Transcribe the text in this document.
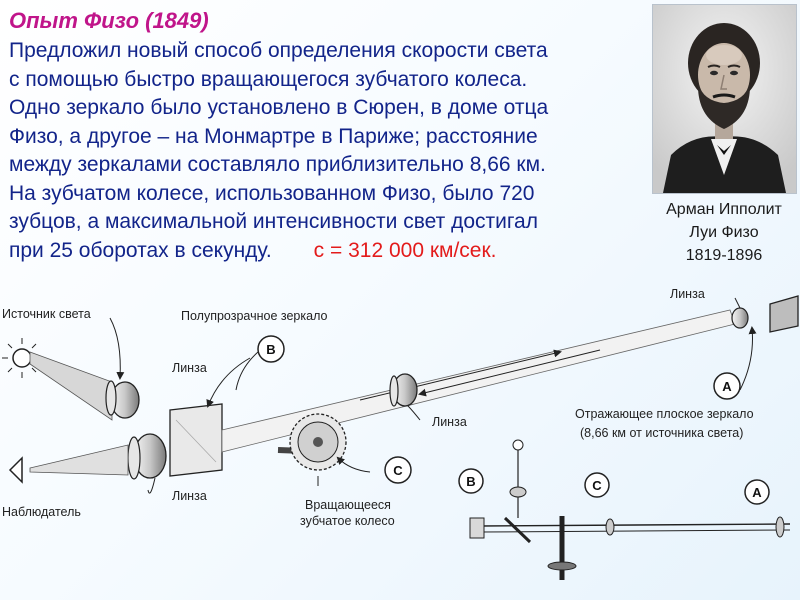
Опыт Физо (1849)
Предложил новый способ определения скорости света
с помощью быстро вращающегося зубчатого колеса.
Одно зеркало было установлено в Сюрен, в доме отца
Физо, а другое – на Монмартре в Париже; расстояние
между зеркалами составляло приблизительно 8,66 км.
На зубчатом колесе, использованном Физо, было 720
зубцов, а максимальной интенсивности свет достигал
при 25 оборотах в секунду. с = 312 000 км/сек.
Арман Ипполит
Луи Физо
1819-1896
B
A
C
B	C	A
Источник света	Полупрозрачное зеркало
Линза
Линза
Линза
Линза
Наблюдатель	Вращающееся
зубчатое колесо
Отражающее плоское зеркало
(8,66 км от источника света)
